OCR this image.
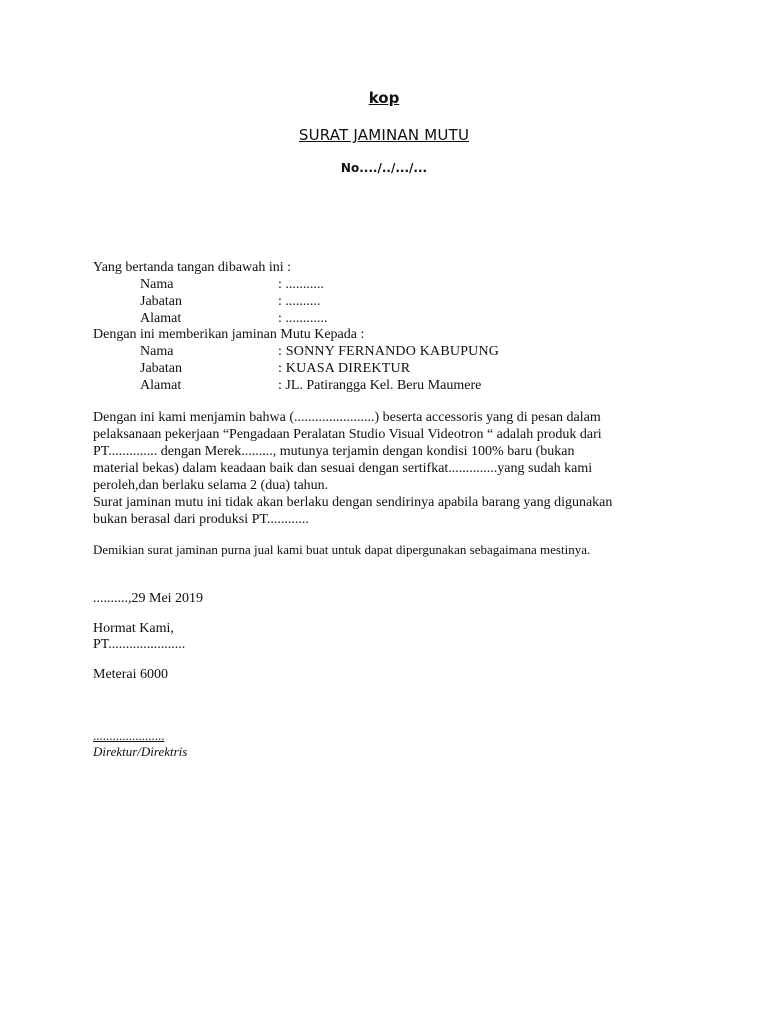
kop
SURAT JAMINAN MUTU
No..../../.../...
Yang bertanda tangan dibawah ini :
Nama	: ...........
Jabatan	: ..........
Alamat	: ............
Dengan ini memberikan jaminan Mutu Kepada :
Nama	: SONNY FERNANDO KABUPUNG
Jabatan	: KUASA DIREKTUR
Alamat	: JL. Patirangga Kel. Beru Maumere
Dengan ini kami menjamin bahwa (.......................) beserta accessoris yang di pesan dalam
pelaksanaan pekerjaan “Pengadaan Peralatan Studio Visual Videotron “ adalah produk dari
PT.............. dengan Merek........., mutunya terjamin dengan kondisi 100% baru (bukan
material bekas) dalam keadaan baik dan sesuai dengan sertifkat..............yang sudah kami
peroleh,dan berlaku selama 2 (dua) tahun.
Surat jaminan mutu ini tidak akan berlaku dengan sendirinya apabila barang yang digunakan
bukan berasal dari produksi PT............
Demikian surat jaminan purna jual kami buat untuk dapat dipergunakan sebagaimana mestinya.
..........,29 Mei 2019
Hormat Kami,
PT......................
Meterai 6000
......................
Direktur/Direktris
